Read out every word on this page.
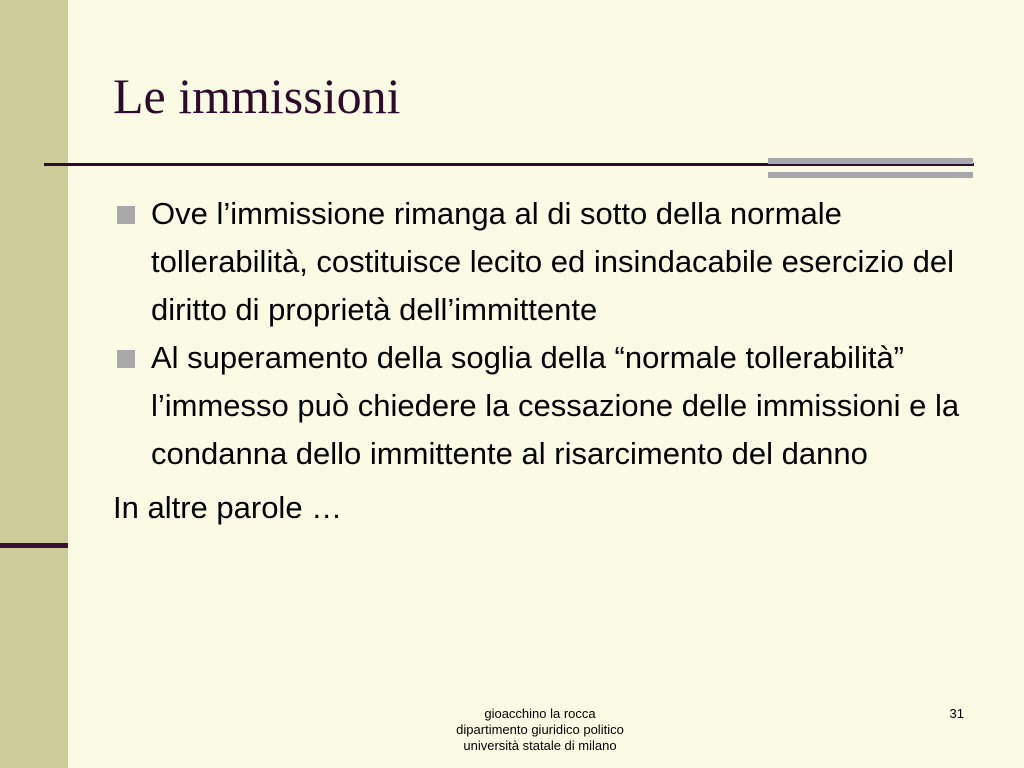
Le immissioni
Ove l’immissione rimanga al di sotto della normale tollerabilità, costituisce lecito ed insindacabile esercizio del diritto di proprietà dell’immittente
Al superamento della soglia della “normale tollerabilità” l’immesso può chiedere la cessazione delle immissioni e la condanna dello immittente al risarcimento del danno
In altre parole …
gioacchino la rocca
dipartimento giuridico politico
università statale di milano
31
